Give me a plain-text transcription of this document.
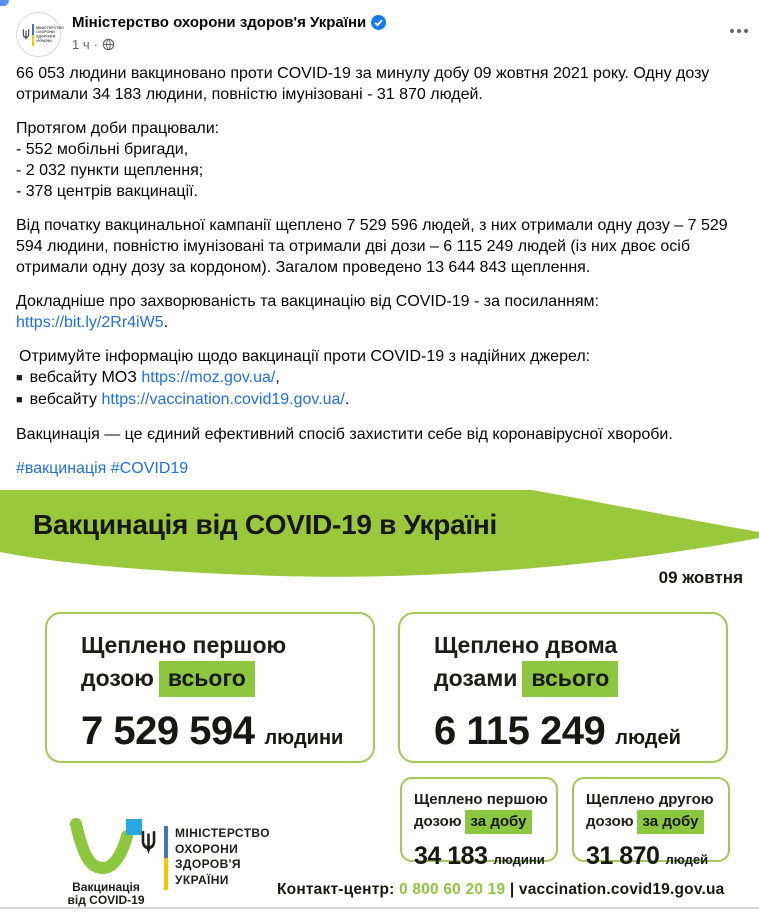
МІНІСТЕРСТВО
ОХОРОНИ
ЗДОРОВ'Я
УКРАЇНИ
Міністерство охорони здоров'я України
1 ч ·

66 053 людини вакциновано проти COVID-19 за минулу добу 09 жовтня 2021 року. Одну дозу отримали 34 183 людини, повністю імунізовані - 31 870 людей.

Протягом доби працювали:
- 552 мобільні бригади,
- 2 032 пункти щеплення;
- 378 центрів вакцинації.

Від початку вакцинальної кампанії щеплено 7 529 596 людей, з них отримали одну дозу – 7 529 594 людини, повністю імунізовані та отримали дві дози – 6 115 249 людей (із них двоє осіб отримали одну дозу за кордоном). Загалом проведено 13 644 843 щеплення.

Докладніше про захворюваність та вакцинацію від COVID-19 - за посиланням:
https://bit.ly/2Rr4iW5.

Отримуйте інформацію щодо вакцинації проти COVID-19 з надійних джерел:
■ вебсайту МОЗ https://moz.gov.ua/,
■ вебсайту https://vaccination.covid19.gov.ua/.

Вакцинація — це єдиний ефективний спосіб захистити себе від коронавірусної хвороби.

#вакцинація #COVID19

Вакцинація від COVID-19 в Україні
09 жовтня
Щеплено першою
дозою всього
7 529 594 людини
Щеплено двома
дозами всього
6 115 249 людей
Щеплено першою
дозою за добу
34 183 людини
Щеплено другою
дозою за добу
31 870 людей
Вакцинація
від COVID-19
МІНІСТЕРСТВО
ОХОРОНИ
ЗДОРОВ'Я
УКРАЇНИ
Контакт-центр: 0 800 60 20 19 | vaccination.covid19.gov.ua
